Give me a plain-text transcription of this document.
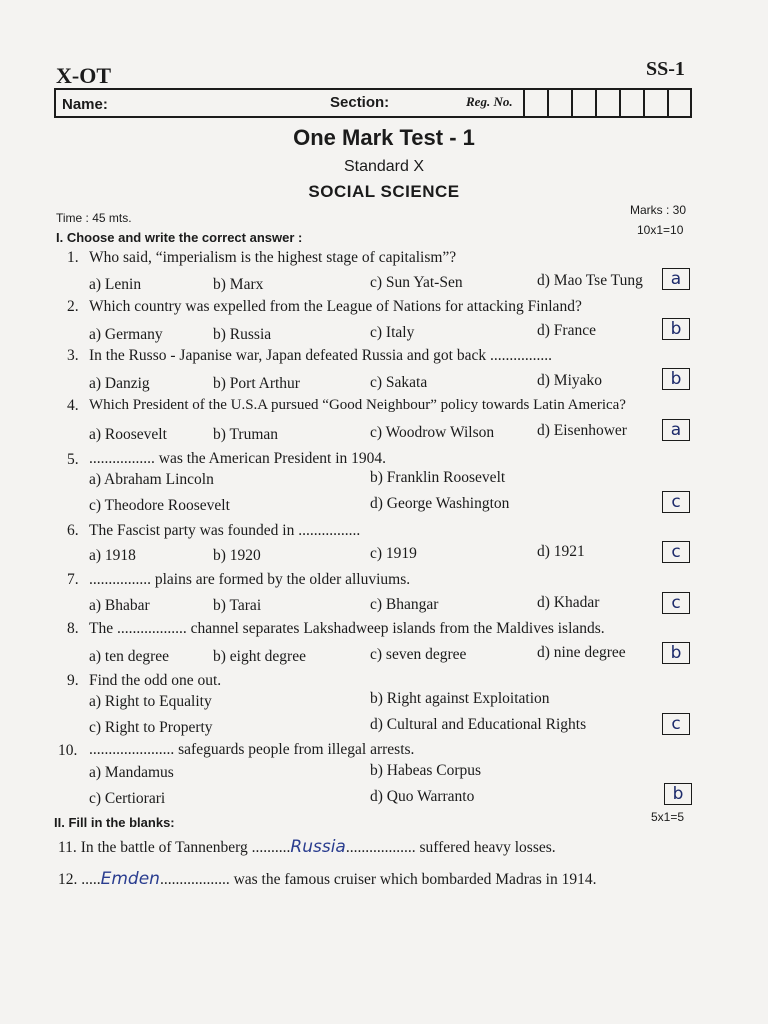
X-OT	SS-1
Name:	Section:	Reg. No.
One Mark Test - 1
Standard X
SOCIAL SCIENCE
Time : 45 mts.
Marks : 30
10x1=10
I. Choose and write the correct answer :
1. Who said, “imperialism is the highest stage of capitalism”?
a) Lenin	b) Marx	c) Sun Yat-Sen	d) Mao Tse Tung	a
2. Which country was expelled from the League of Nations for attacking Finland?
a) Germany	b) Russia	c) Italy	d) France	b
3. In the Russo - Japanise war, Japan defeated Russia and got back ................
a) Danzig	b) Port Arthur	c) Sakata	d) Miyako	b
4. Which President of the U.S.A pursued “Good Neighbour” policy towards Latin America?
a) Roosevelt	b) Truman	c) Woodrow Wilson	d) Eisenhower	a
5. ................. was the American President in 1904.
a) Abraham Lincoln	b) Franklin Roosevelt
c) Theodore Roosevelt	d) George Washington	c
6. The Fascist party was founded in ................
a) 1918	b) 1920	c) 1919	d) 1921	c
7. ................ plains are formed by the older alluviums.
a) Bhabar	b) Tarai	c) Bhangar	d) Khadar	c
8. The .................. channel separates Lakshadweep islands from the Maldives islands.
a) ten degree	b) eight degree	c) seven degree	d) nine degree	b
9. Find the odd one out.
a) Right to Equality	b) Right against Exploitation
c) Right to Property	d) Cultural and Educational Rights	c
10. ...................... safeguards people from illegal arrests.
a) Mandamus	b) Habeas Corpus
c) Certiorari	d) Quo Warranto	b
II. Fill in the blanks:	5x1=5
11. In the battle of Tannenberg ..........Russia.................. suffered heavy losses.
12. .....Emden.................. was the famous cruiser which bombarded Madras in 1914.
